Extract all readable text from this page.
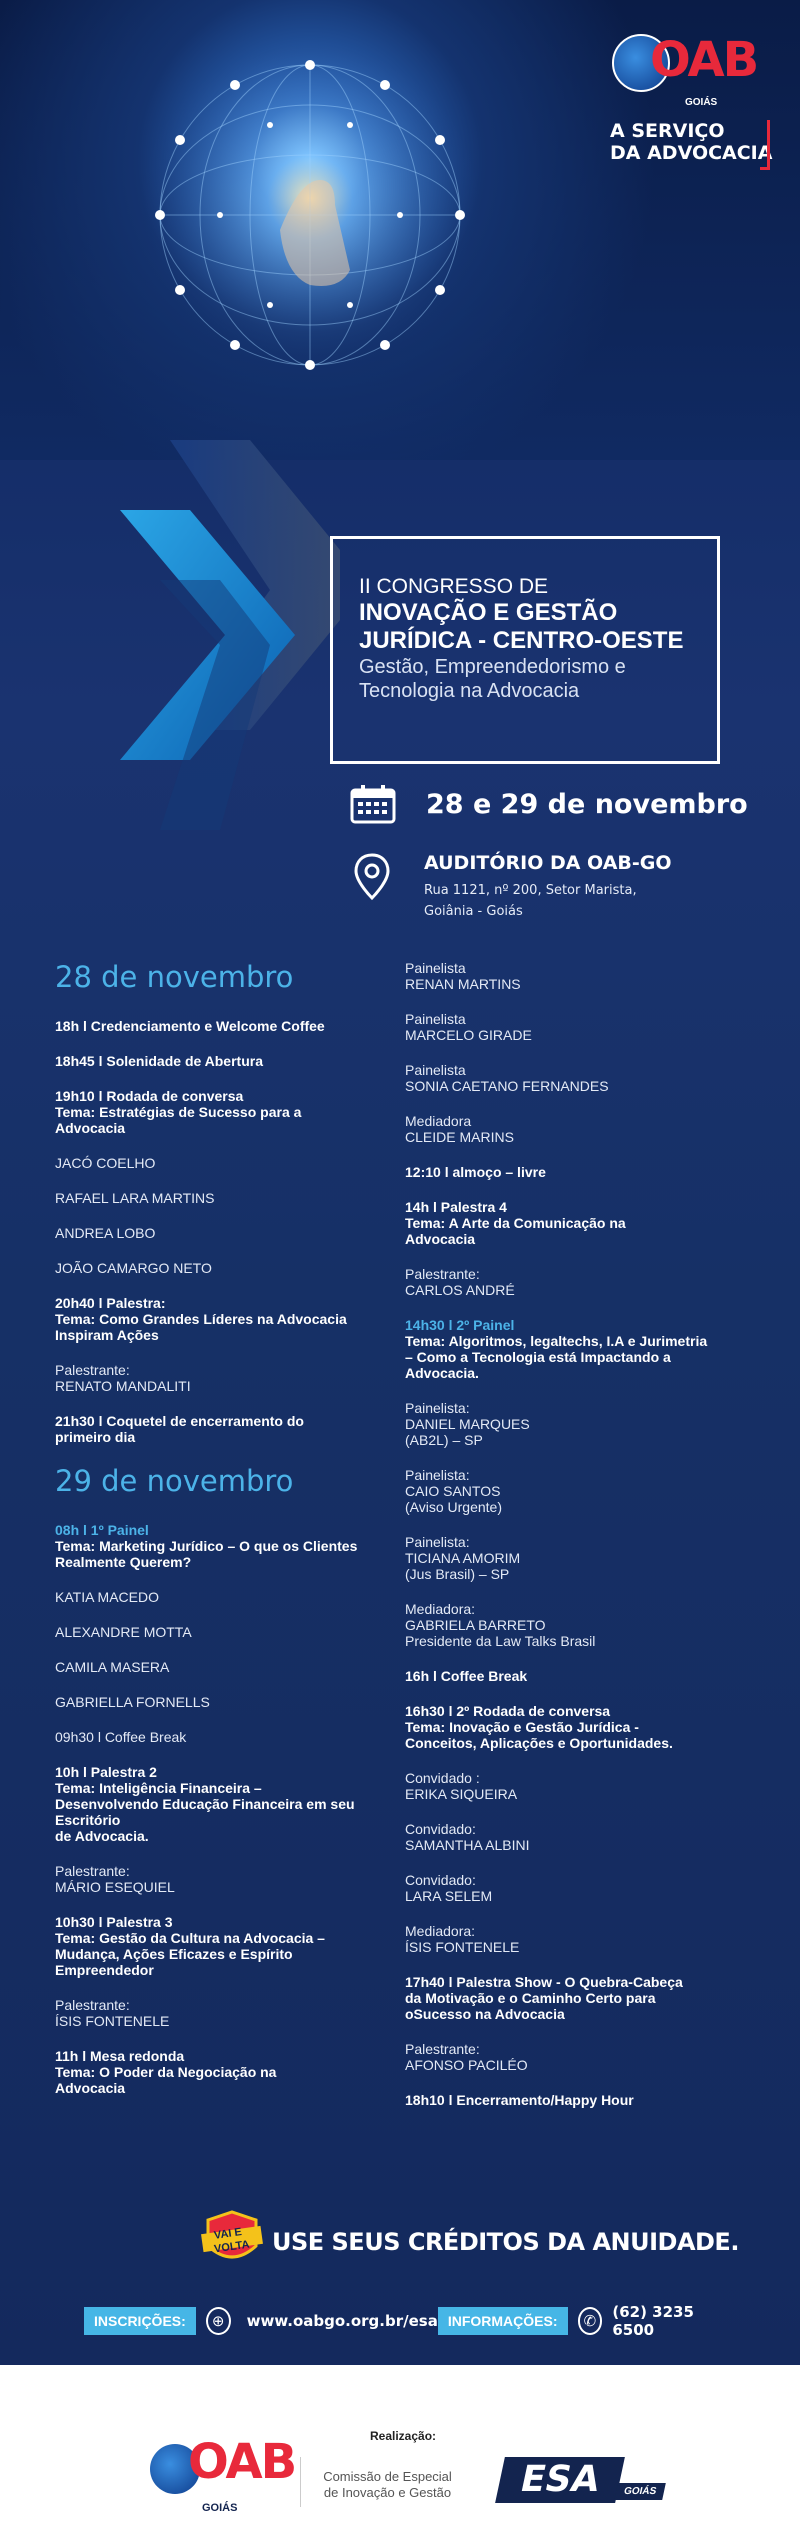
OAB
GOIÁS
A SERVIÇO
DA ADVOCACIA
II CONGRESSO DE
INOVAÇÃO E GESTÃO
JURÍDICA - CENTRO-OESTE
Gestão, Empreendedorismo e
Tecnologia na Advocacia
28 e 29 de novembro
AUDITÓRIO DA OAB-GO
Rua 1121, nº 200, Setor Marista,
Goiânia - Goiás
28 de novembro
18h l Credenciamento e Welcome Coffee
18h45 l Solenidade de Abertura
19h10 l Rodada de conversa
Tema: Estratégias de Sucesso para a
Advocacia
JACÓ COELHO
RAFAEL LARA MARTINS
ANDREA LOBO
JOÃO CAMARGO NETO
20h40 l Palestra:
Tema: Como Grandes Líderes na Advocacia
Inspiram Ações
Palestrante:
RENATO MANDALITI
21h30 l Coquetel de encerramento do
primeiro dia
29 de novembro
08h l 1º Painel
Tema: Marketing Jurídico – O que os Clientes
Realmente Querem?
KATIA MACEDO
ALEXANDRE MOTTA
CAMILA MASERA
GABRIELLA FORNELLS
09h30 l Coffee Break
10h l Palestra 2
Tema: Inteligência Financeira –
Desenvolvendo Educação Financeira em seu
Escritório
de Advocacia.
Palestrante:
MÁRIO ESEQUIEL
10h30 l Palestra 3
Tema: Gestão da Cultura na Advocacia –
Mudança, Ações Eficazes e Espírito
Empreendedor
Palestrante:
ÍSIS FONTENELE
11h l Mesa redonda
Tema: O Poder da Negociação na
Advocacia
Painelista
RENAN MARTINS
Painelista
MARCELO GIRADE
Painelista
SONIA CAETANO FERNANDES
Mediadora
CLEIDE MARINS
12:10 l almoço – livre
14h l Palestra 4
Tema: A Arte da Comunicação na
Advocacia
Palestrante:
CARLOS ANDRÉ
14h30 l 2º Painel
Tema: Algoritmos, legaltechs, I.A e Jurimetria
– Como a Tecnologia está Impactando a
Advocacia.
Painelista:
DANIEL MARQUES
(AB2L) – SP
Painelista:
CAIO SANTOS
(Aviso Urgente)
Painelista:
TICIANA AMORIM
(Jus Brasil) – SP
Mediadora:
GABRIELA BARRETO
Presidente da Law Talks Brasil
16h l Coffee Break
16h30 l 2º Rodada de conversa
Tema: Inovação e Gestão Jurídica -
Conceitos, Aplicações e Oportunidades.
Convidado :
ERIKA SIQUEIRA
Convidado:
SAMANTHA ALBINI
Convidado:
LARA SELEM
Mediadora:
ÍSIS FONTENELE
17h40 l Palestra Show - O Quebra-Cabeça
da Motivação e o Caminho Certo para
oSucesso na Advocacia
Palestrante:
AFONSO PACILÉO
18h10 l Encerramento/Happy Hour
VAI E
VOLTA USE SEUS CRÉDITOS DA ANUIDADE.
INSCRIÇÕES:	⊕	www.oabgo.org.br/esa INFORMAÇÕES:	✆
(62) 3235 6500
OAB
GOIÁS
Realização:
Comissão de Especial
de Inovação e Gestão	ESA	GOIÁS
